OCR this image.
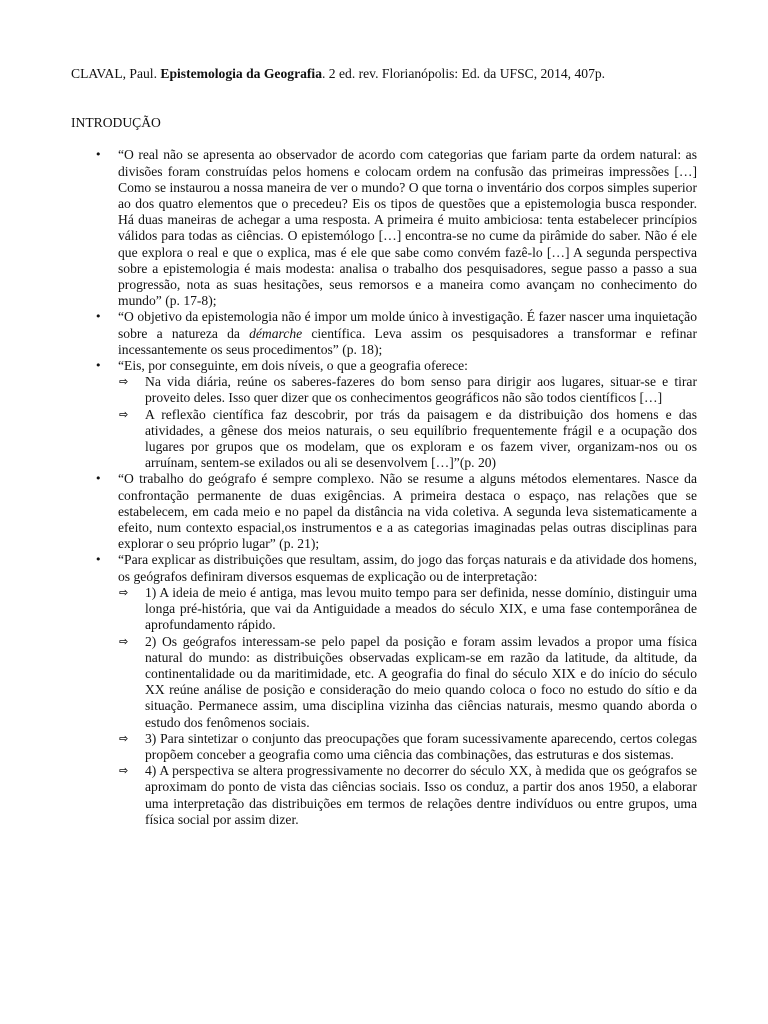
CLAVAL, Paul. Epistemologia da Geografia. 2 ed. rev. Florianópolis: Ed. da UFSC, 2014, 407p.

INTRODUÇÃO

• “O real não se apresenta ao observador de acordo com categorias que fariam parte da ordem natural: as divisões foram construídas pelos homens e colocam ordem na confusão das primeiras impressões […] Como se instaurou a nossa maneira de ver o mundo? O que torna o inventário dos corpos simples superior ao dos quatro elementos que o precedeu? Eis os tipos de questões que a epistemologia busca responder. Há duas maneiras de achegar a uma resposta. A primeira é muito ambiciosa: tenta estabelecer princípios válidos para todas as ciências. O epistemólogo […] encontra-se no cume da pirâmide do saber. Não é ele que explora o real e que o explica, mas é ele que sabe como convém fazê-lo […] A segunda perspectiva sobre a epistemologia é mais modesta: analisa o trabalho dos pesquisadores, segue passo a passo a sua progressão, nota as suas hesitações, seus remorsos e a maneira como avançam no conhecimento do mundo” (p. 17-8);
• “O objetivo da epistemologia não é impor um molde único à investigação. É fazer nascer uma inquietação sobre a natureza da démarche científica. Leva assim os pesquisadores a transformar e refinar incessantemente os seus procedimentos” (p. 18);
• “Eis, por conseguinte, em dois níveis, o que a geografia oferece:
⇨ Na vida diária, reúne os saberes-fazeres do bom senso para dirigir aos lugares, situar-se e tirar proveito deles. Isso quer dizer que os conhecimentos geográficos não são todos científicos […]
⇨ A reflexão científica faz descobrir, por trás da paisagem e da distribuição dos homens e das atividades, a gênese dos meios naturais, o seu equilíbrio frequentemente frágil e a ocupação dos lugares por grupos que os modelam, que os exploram e os fazem viver, organizam-nos ou os arruínam, sentem-se exilados ou ali se desenvolvem […]”(p. 20)
• “O trabalho do geógrafo é sempre complexo. Não se resume a alguns métodos elementares. Nasce da confrontação permanente de duas exigências. A primeira destaca o espaço, nas relações que se estabelecem, em cada meio e no papel da distância na vida coletiva. A segunda leva sistematicamente a efeito, num contexto espacial,os instrumentos e a as categorias imaginadas pelas outras disciplinas para explorar o seu próprio lugar” (p. 21);
• “Para explicar as distribuições que resultam, assim, do jogo das forças naturais e da atividade dos homens, os geógrafos definiram diversos esquemas de explicação ou de interpretação:
⇨ 1) A ideia de meio é antiga, mas levou muito tempo para ser definida, nesse domínio, distinguir uma longa pré-história, que vai da Antiguidade a meados do século XIX, e uma fase contemporânea de aprofundamento rápido.
⇨ 2) Os geógrafos interessam-se pelo papel da posição e foram assim levados a propor uma física natural do mundo: as distribuições observadas explicam-se em razão da latitude, da altitude, da continentalidade ou da maritimidade, etc. A geografia do final do século XIX e do início do século XX reúne análise de posição e consideração do meio quando coloca o foco no estudo do sítio e da situação. Permanece assim, uma disciplina vizinha das ciências naturais, mesmo quando aborda o estudo dos fenômenos sociais.
⇨ 3) Para sintetizar o conjunto das preocupações que foram sucessivamente aparecendo, certos colegas propõem conceber a geografia como uma ciência das combinações, das estruturas e dos sistemas.
⇨ 4) A perspectiva se altera progressivamente no decorrer do século XX, à medida que os geógrafos se aproximam do ponto de vista das ciências sociais. Isso os conduz, a partir dos anos 1950, a elaborar uma interpretação das distribuições em termos de relações dentre indivíduos ou entre grupos, uma física social por assim dizer.
